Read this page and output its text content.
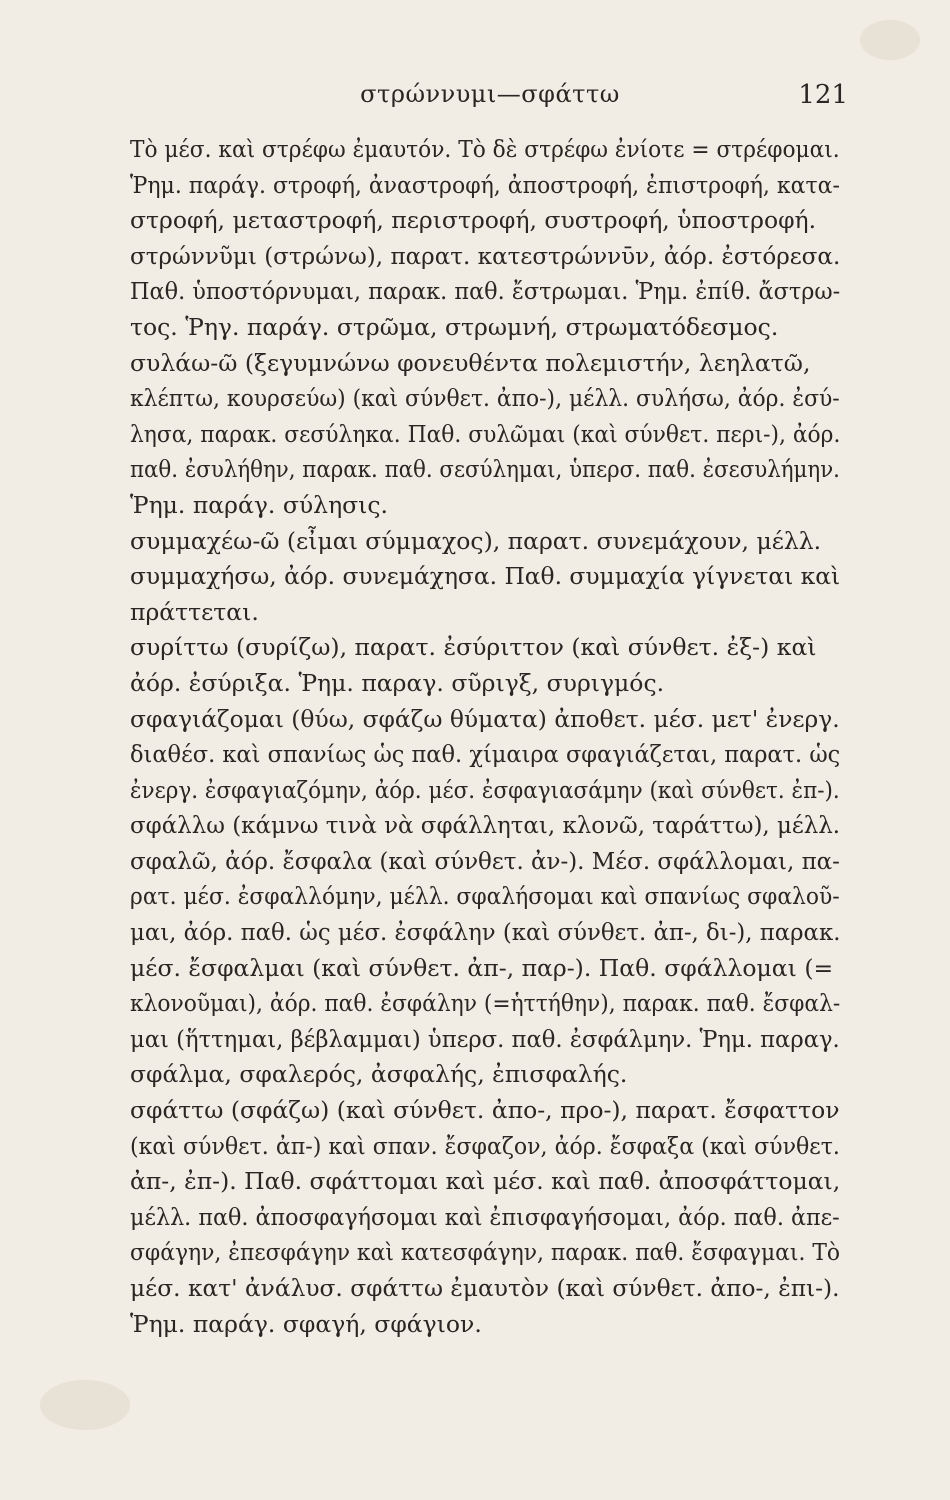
στρώννυμι—σφάττω	121
Τὸ μέσ. καὶ στρέφω ἐμαυτόν. Τὸ δὲ στρέφω ἐνίοτε = στρέφομαι.
Ῥημ. παράγ. στροφή, ἀναστροφή, ἀποστροφή, ἐπιστροφή, κατα-
στροφή, μεταστροφή, περιστροφή, συστροφή, ὑποστροφή.
στρώννῦμι (στρώνω), παρατ. κατεστρώννῡν, ἀόρ. ἐστόρεσα.
Παθ. ὑποστόρνυμαι, παρακ. παθ. ἔστρωμαι. Ῥημ. ἐπίθ. ἄστρω-
τος. Ῥηγ. παράγ. στρῶμα, στρωμνή, στρωματόδεσμος.
συλάω-ῶ (ξεγυμνώνω φονευθέντα πολεμιστήν, λεηλατῶ,
κλέπτω, κουρσεύω) (καὶ σύνθετ. ἀπο-), μέλλ. συλήσω, ἀόρ. ἐσύ-
λησα, παρακ. σεσύληκα. Παθ. συλῶμαι (καὶ σύνθετ. περι-), ἀόρ.
παθ. ἐσυλήθην, παρακ. παθ. σεσύλημαι, ὑπερσ. παθ. ἐσεσυλήμην.
Ῥημ. παράγ. σύλησις.
συμμαχέω-ῶ (εἶμαι σύμμαχος), παρατ. συνεμάχουν, μέλλ.
συμμαχήσω, ἀόρ. συνεμάχησα. Παθ. συμμαχία γίγνεται καὶ
πράττεται.
συρίττω (συρίζω), παρατ. ἐσύριττον (καὶ σύνθετ. ἐξ-) καὶ
ἀόρ. ἐσύριξα. Ῥημ. παραγ. σῦριγξ, συριγμός.
σφαγιάζομαι (θύω, σφάζω θύματα) ἀποθετ. μέσ. μετ' ἐνεργ.
διαθέσ. καὶ σπανίως ὡς παθ. χίμαιρα σφαγιάζεται, παρατ. ὡς
ἐνεργ. ἐσφαγιαζόμην, ἀόρ. μέσ. ἐσφαγιασάμην (καὶ σύνθετ. ἐπ-).
σφάλλω (κάμνω τινὰ νὰ σφάλληται, κλονῶ, ταράττω), μέλλ.
σφαλῶ, ἀόρ. ἔσφαλα (καὶ σύνθετ. ἀν-). Μέσ. σφάλλομαι, πα-
ρατ. μέσ. ἐσφαλλόμην, μέλλ. σφαλήσομαι καὶ σπανίως σφαλοῦ-
μαι, ἀόρ. παθ. ὡς μέσ. ἐσφάλην (καὶ σύνθετ. ἀπ-, δι-), παρακ.
μέσ. ἔσφαλμαι (καὶ σύνθετ. ἀπ-, παρ-). Παθ. σφάλλομαι (=
κλονοῦμαι), ἀόρ. παθ. ἐσφάλην (=ἡττήθην), παρακ. παθ. ἔσφαλ-
μαι (ἥττημαι, βέβλαμμαι) ὑπερσ. παθ. ἐσφάλμην. Ῥημ. παραγ.
σφάλμα, σφαλερός, ἀσφαλής, ἐπισφαλής.
σφάττω (σφάζω) (καὶ σύνθετ. ἀπο-, προ-), παρατ. ἔσφαττον
(καὶ σύνθετ. ἀπ-) καὶ σπαν. ἔσφαζον, ἀόρ. ἔσφαξα (καὶ σύνθετ.
ἀπ-, ἐπ-). Παθ. σφάττομαι καὶ μέσ. καὶ παθ. ἀποσφάττομαι,
μέλλ. παθ. ἀποσφαγήσομαι καὶ ἐπισφαγήσομαι, ἀόρ. παθ. ἀπε-
σφάγην, ἐπεσφάγην καὶ κατεσφάγην, παρακ. παθ. ἔσφαγμαι. Τὸ
μέσ. κατ' ἀνάλυσ. σφάττω ἐμαυτὸν (καὶ σύνθετ. ἀπο-, ἐπι-).
Ῥημ. παράγ. σφαγή, σφάγιον.
